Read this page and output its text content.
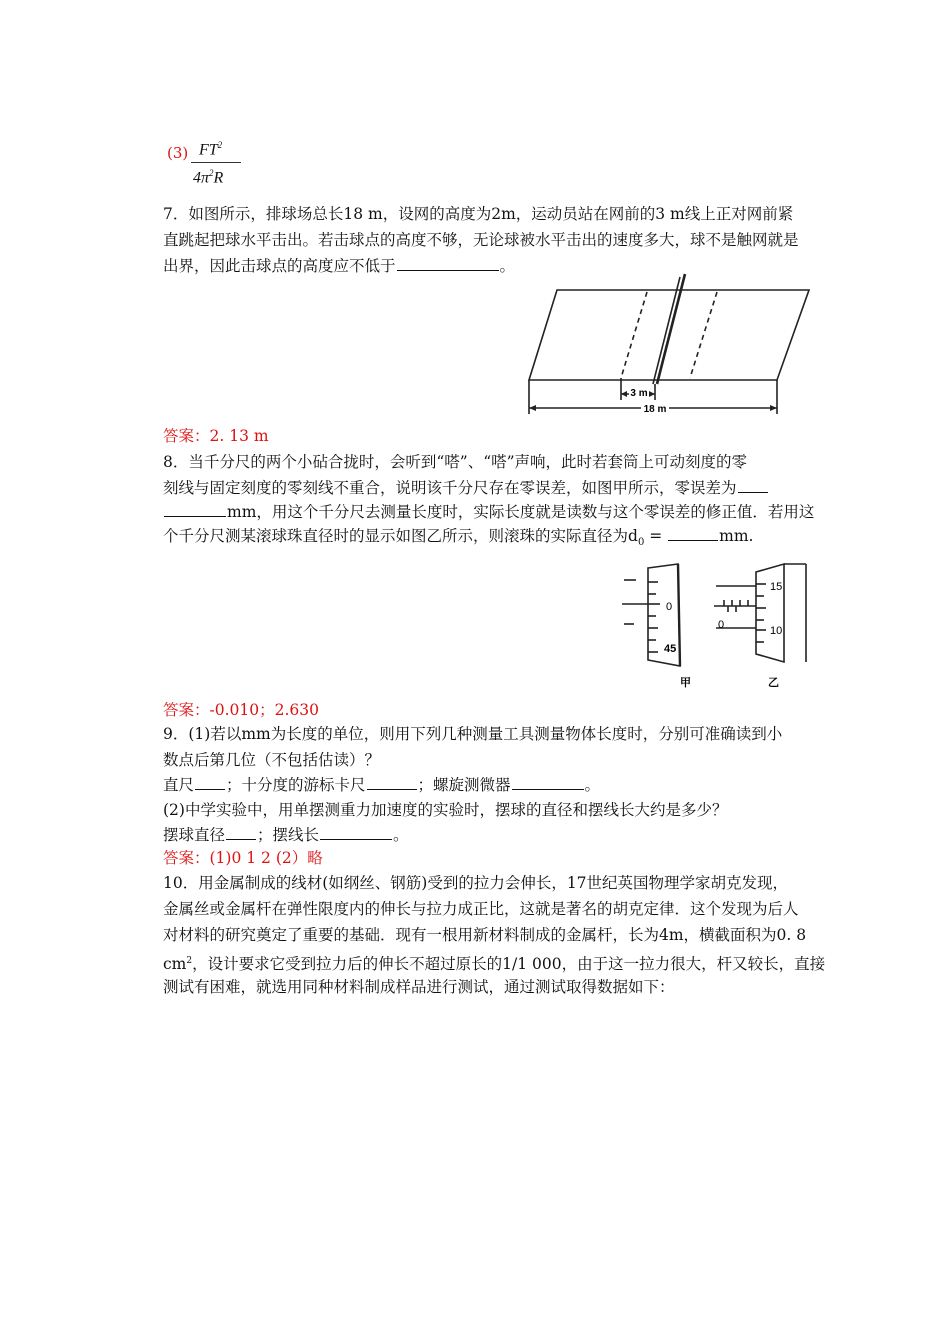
(3) $FT^2$
$4\pi^2R$
7．如图所示，排球场总长18 m，设网的高度为2m，运动员站在网前的3 m线上正对网前紧
直跳起把球水平击出。若击球点的高度不够，无论球被水平击出的速度多大，球不是触网就是
出界，因此击球点的高度应不低于	。
3 m
18 m
答案：2. 13 m
8．当千分尺的两个小砧合拢时，会听到“嗒”、“嗒”声响，此时若套筒上可动刻度的零
刻线与固定刻度的零刻线不重合，说明该千分尺存在零误差，如图甲所示，零误差为
mm，用这个千分尺去测量长度时，实际长度就是读数与这个零误差的修正值．若用这
个千分尺测某滚球珠直径时的显示如图乙所示，则滚珠的实际直径为$d_0$ =	mm.
0
45
甲
15
10
0
乙
答案：-0.010；2.630
9．(1)若以mm为长度的单位，则用下列几种测量工具测量物体长度时，分别可准确读到小
数点后第几位（不包括估读）？
直尺 ；十分度的游标卡尺	；螺旋测微器	。
(2)中学实验中，用单摆测重力加速度的实验时，摆球的直径和摆线长大约是多少？
摆球直径 ；摆线长	。
答案：(1)0 1 2 (2）略
10．用金属制成的线材(如纲丝、钢筋)受到的拉力会伸长，17世纪英国物理学家胡克发现，
金属丝或金属杆在弹性限度内的伸长与拉力成正比，这就是著名的胡克定律．这个发现为后人
对材料的研究奠定了重要的基础．现有一根用新材料制成的金属杆，长为4m，横截面积为0. 8
$cm^2$，设计要求它受到拉力后的伸长不超过原长的1/1 000，由于这一拉力很大，杆又较长，直接
测试有困难，就选用同种材料制成样品进行测试，通过测试取得数据如下：
